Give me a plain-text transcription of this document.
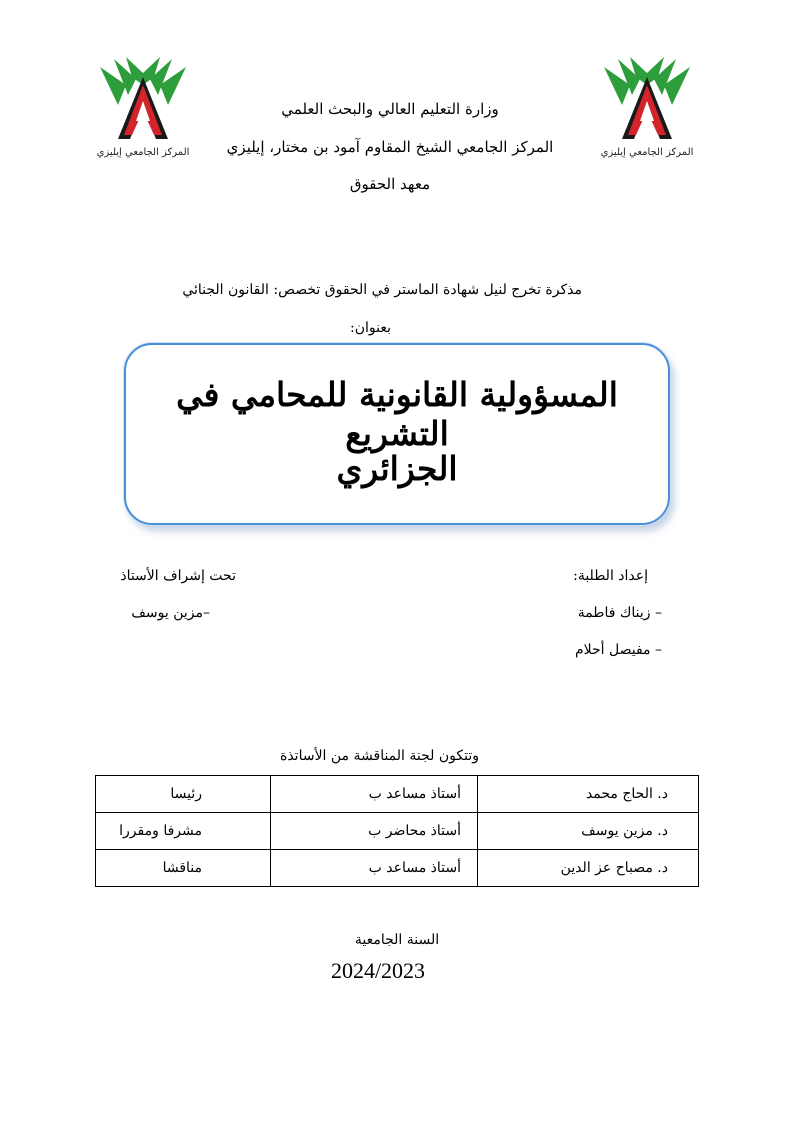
المركز الجامعي إيليزي	المركز الجامعي إيليزي
وزارة التعليم العالي والبحث العلمي
المركز الجامعي الشيخ المقاوم آمود بن مختار، إيليزي
معهد الحقوق
مذكرة تخرج لنيل شهادة الماستر في الحقوق تخصص: القانون الجنائي
بعنوان:
المسؤولية القانونية للمحامي في التشريع
الجزائري
إعداد الطلبة:
– زيناك فاطمة
– مفيصل أحلام
تحت إشراف الأستاذ
–مزين يوسف
وتتكون لجنة المناقشة من الأساتذة
د. الحاج محمد	أستاذ مساعد ب	رئيسا
د. مزين يوسف	أستاذ محاضر ب	مشرفا ومقررا
د. مصباح عز الدين	أستاذ مساعد ب	مناقشا
السنة الجامعية
2024/2023
